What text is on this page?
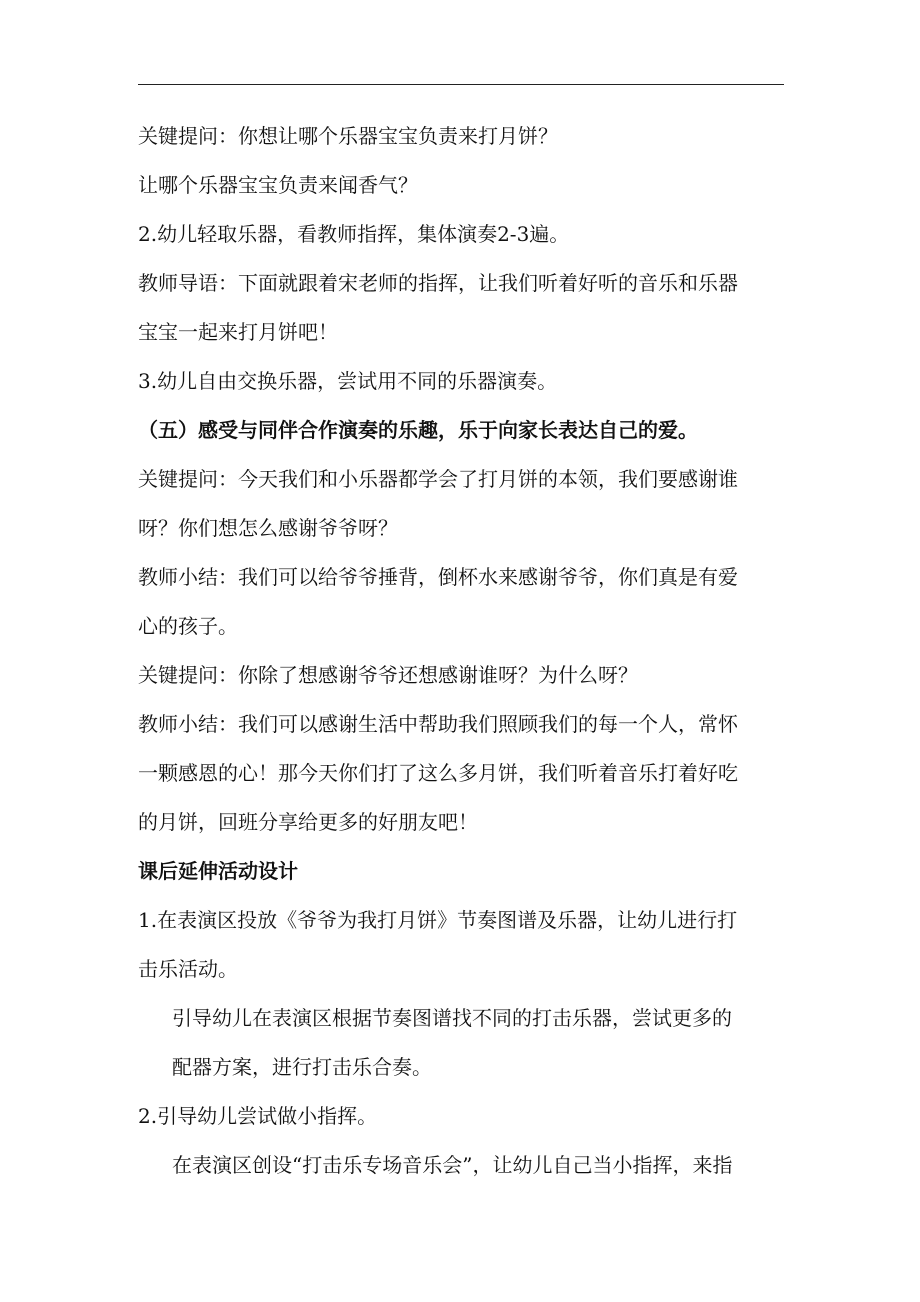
关键提问：你想让哪个乐器宝宝负责来打月饼？
让哪个乐器宝宝负责来闻香气？
2.幼儿轻取乐器，看教师指挥，集体演奏2-3遍。
教师导语：下面就跟着宋老师的指挥，让我们听着好听的音乐和乐器
宝宝一起来打月饼吧！
3.幼儿自由交换乐器，尝试用不同的乐器演奏。
（五）感受与同伴合作演奏的乐趣，乐于向家长表达自己的爱。
关键提问：今天我们和小乐器都学会了打月饼的本领，我们要感谢谁
呀？你们想怎么感谢爷爷呀？
教师小结：我们可以给爷爷捶背，倒杯水来感谢爷爷，你们真是有爱
心的孩子。
关键提问：你除了想感谢爷爷还想感谢谁呀？为什么呀？
教师小结：我们可以感谢生活中帮助我们照顾我们的每一个人，常怀
一颗感恩的心！那今天你们打了这么多月饼，我们听着音乐打着好吃
的月饼，回班分享给更多的好朋友吧！
课后延伸活动设计
1.在表演区投放《爷爷为我打月饼》节奏图谱及乐器，让幼儿进行打
击乐活动。
引导幼儿在表演区根据节奏图谱找不同的打击乐器，尝试更多的
配器方案，进行打击乐合奏。
2.引导幼儿尝试做小指挥。
在表演区创设“打击乐专场音乐会”，让幼儿自己当小指挥，来指
